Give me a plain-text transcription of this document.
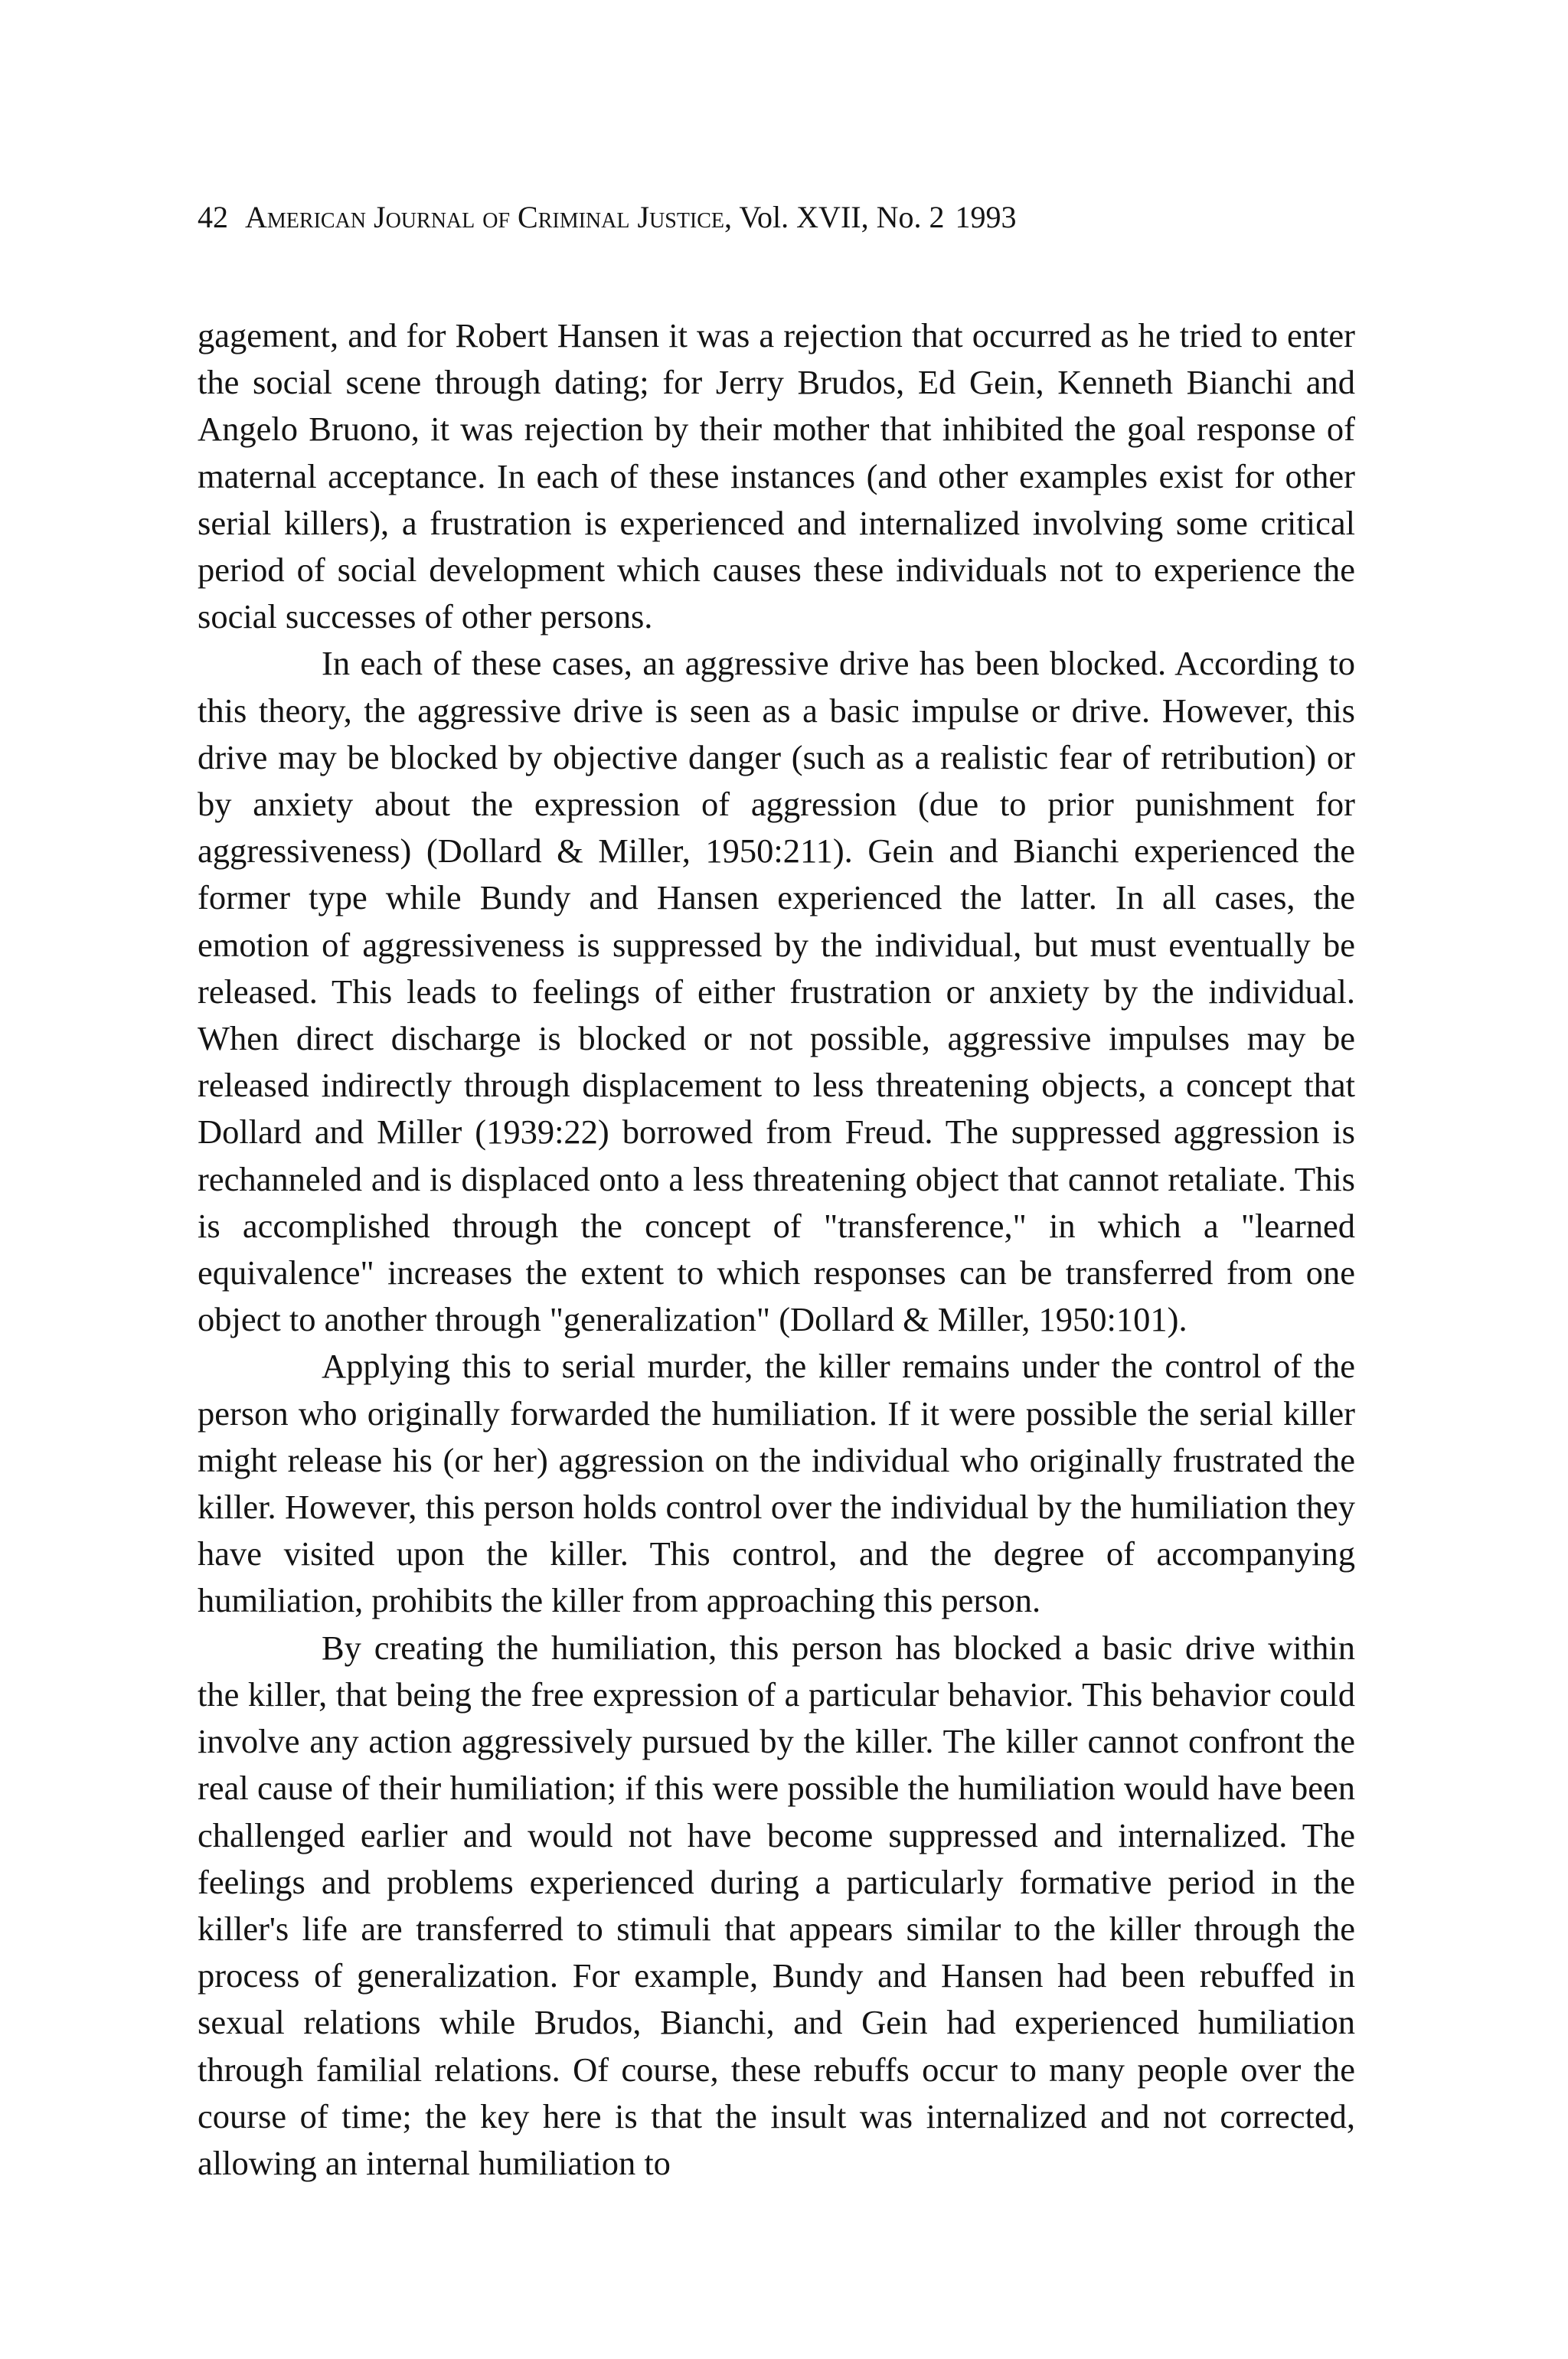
42 American Journal of Criminal Justice, Vol. XVII, No. 2 1993

gagement, and for Robert Hansen it was a rejection that occurred as he tried to enter the social scene through dating; for Jerry Brudos, Ed Gein, Kenneth Bianchi and Angelo Bruono, it was rejection by their mother that inhibited the goal response of maternal acceptance. In each of these instances (and other examples exist for other serial killers), a frustration is experienced and internalized involving some critical period of social development which causes these individuals not to experience the social successes of other persons.

In each of these cases, an aggressive drive has been blocked. According to this theory, the aggressive drive is seen as a basic impulse or drive. However, this drive may be blocked by objective danger (such as a realistic fear of retribution) or by anxiety about the expression of aggression (due to prior punishment for aggressiveness) (Dollard & Miller, 1950:211). Gein and Bianchi experienced the former type while Bundy and Hansen experienced the latter. In all cases, the emotion of aggressiveness is suppressed by the individual, but must eventually be released. This leads to feelings of either frustration or anxiety by the individual. When direct discharge is blocked or not possible, aggressive impulses may be released indirectly through displacement to less threatening objects, a concept that Dollard and Miller (1939:22) borrowed from Freud. The suppressed aggression is rechanneled and is displaced onto a less threatening object that cannot retaliate. This is accomplished through the concept of "transference," in which a "learned equivalence" increases the extent to which responses can be transferred from one object to another through "generalization" (Dollard & Miller, 1950:101).

Applying this to serial murder, the killer remains under the control of the person who originally forwarded the humiliation. If it were possible the serial killer might release his (or her) aggression on the individual who originally frustrated the killer. However, this person holds control over the individual by the humiliation they have visited upon the killer. This control, and the degree of accompanying humiliation, prohibits the killer from approaching this person.

By creating the humiliation, this person has blocked a basic drive within the killer, that being the free expression of a particular behavior. This behavior could involve any action aggressively pursued by the killer. The killer cannot confront the real cause of their humiliation; if this were possible the humiliation would have been challenged earlier and would not have become suppressed and internalized. The feelings and problems experienced during a particularly formative period in the killer's life are transferred to stimuli that appears similar to the killer through the process of generalization. For example, Bundy and Hansen had been rebuffed in sexual relations while Brudos, Bianchi, and Gein had experienced humiliation through familial relations. Of course, these rebuffs occur to many people over the course of time; the key here is that the insult was internalized and not corrected, allowing an internal humiliation to
